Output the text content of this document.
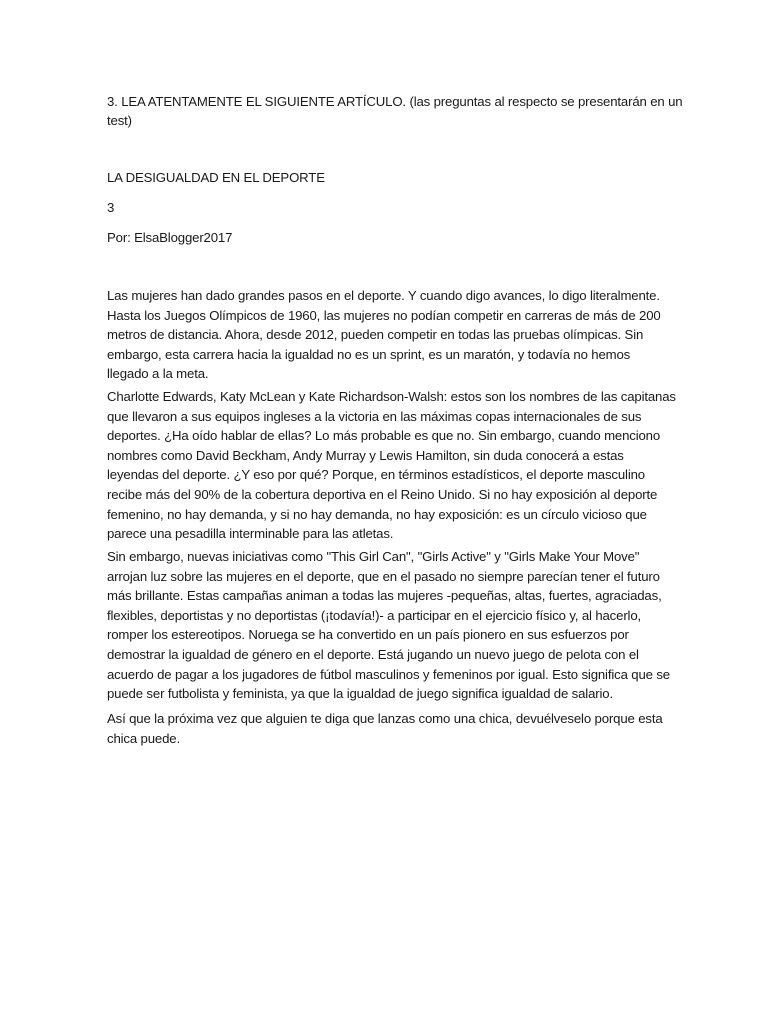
3. LEA ATENTAMENTE EL SIGUIENTE ARTÍCULO. (las preguntas al respecto se presentarán en un

test)

LA DESIGUALDAD EN EL DEPORTE

3

Por: ElsaBlogger2017

Las mujeres han dado grandes pasos en el deporte. Y cuando digo avances, lo digo literalmente.
Hasta los Juegos Olímpicos de 1960, las mujeres no podían competir en carreras de más de 200
metros de distancia. Ahora, desde 2012, pueden competir en todas las pruebas olímpicas. Sin
embargo, esta carrera hacia la igualdad no es un sprint, es un maratón, y todavía no hemos
llegado a la meta.
Charlotte Edwards, Katy McLean y Kate Richardson-Walsh: estos son los nombres de las capitanas
que llevaron a sus equipos ingleses a la victoria en las máximas copas internacionales de sus
deportes. ¿Ha oído hablar de ellas? Lo más probable es que no. Sin embargo, cuando menciono
nombres como David Beckham, Andy Murray y Lewis Hamilton, sin duda conocerá a estas
leyendas del deporte. ¿Y eso por qué? Porque, en términos estadísticos, el deporte masculino
recibe más del 90% de la cobertura deportiva en el Reino Unido. Si no hay exposición al deporte
femenino, no hay demanda, y si no hay demanda, no hay exposición: es un círculo vicioso que
parece una pesadilla interminable para las atletas.
Sin embargo, nuevas iniciativas como "This Girl Can", "Girls Active" y "Girls Make Your Move"
arrojan luz sobre las mujeres en el deporte, que en el pasado no siempre parecían tener el futuro
más brillante. Estas campañas animan a todas las mujeres -pequeñas, altas, fuertes, agraciadas,
flexibles, deportistas y no deportistas (¡todavía!)- a participar en el ejercicio físico y, al hacerlo,
romper los estereotipos. Noruega se ha convertido en un país pionero en sus esfuerzos por
demostrar la igualdad de género en el deporte. Está jugando un nuevo juego de pelota con el
acuerdo de pagar a los jugadores de fútbol masculinos y femeninos por igual. Esto significa que se
puede ser futbolista y feminista, ya que la igualdad de juego significa igualdad de salario.
Así que la próxima vez que alguien te diga que lanzas como una chica, devuélveselo porque esta
chica puede.
